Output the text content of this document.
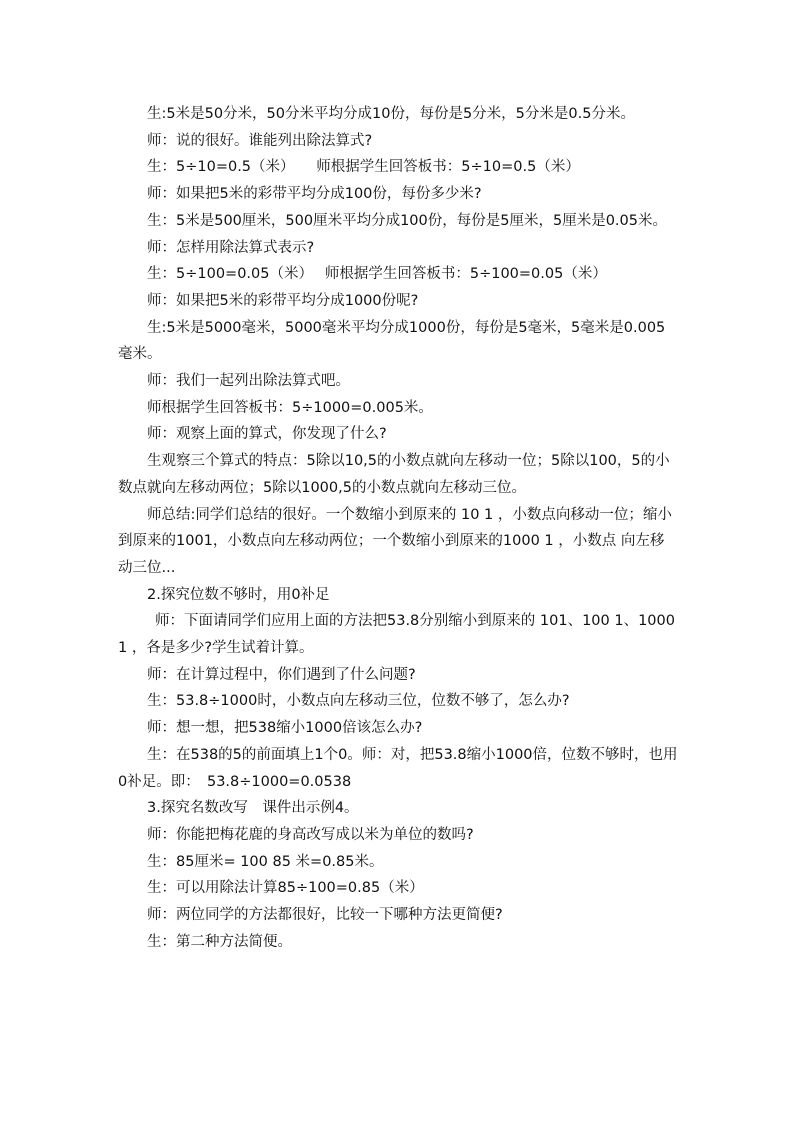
生:5米是50分米，50分米平均分成10份，每份是5分米，5分米是0.5分米。

师：说的很好。谁能列出除法算式?

生：5÷10=0.5（米）　　师根据学生回答板书：5÷10=0.5（米）

师：如果把5米的彩带平均分成100份，每份多少米?

生：5米是500厘米，500厘米平均分成100份，每份是5厘米，5厘米是0.05米。

师：怎样用除法算式表示?

生：5÷100=0.05（米）　 师根据学生回答板书：5÷100=0.05（米）

师：如果把5米的彩带平均分成1000份呢?

生:5米是5000毫米，5000毫米平均分成1000份，每份是5毫米，5毫米是0.005毫米。

师：我们一起列出除法算式吧。

师根据学生回答板书：5÷1000=0.005米。

师：观察上面的算式，你发现了什么?

生观察三个算式的特点：5除以10,5的小数点就向左移动一位；5除以100，5的小数点就向左移动两位；5除以1000,5的小数点就向左移动三位。

师总结:同学们总结的很好。一个数缩小到原来的 10 1 ，小数点向移动一位；缩小到原来的1001，小数点向左移动两位；一个数缩小到原来的1000 1 ，小数点 向左移动三位...

2.探究位数不够时，用0补足

师：下面请同学们应用上面的方法把53.8分别缩小到原来的 101、100 1、1000 1 ，各是多少?学生试着计算。

师：在计算过程中，你们遇到了什么问题?

生：53.8÷1000时，小数点向左移动三位，位数不够了，怎么办?

师：想一想，把538缩小1000倍该怎么办?

生：在538的5的前面填上1个0。师：对，把53.8缩小1000倍，位数不够时，也用0补足。即：　53.8÷1000=0.0538

3.探究名数改写　课件出示例4。

师：你能把梅花鹿的身高改写成以米为单位的数吗?

生：85厘米= 100 85 米=0.85米。

生：可以用除法计算85÷100=0.85（米）

师：两位同学的方法都很好，比较一下哪种方法更简便?

生：第二种方法简便。
